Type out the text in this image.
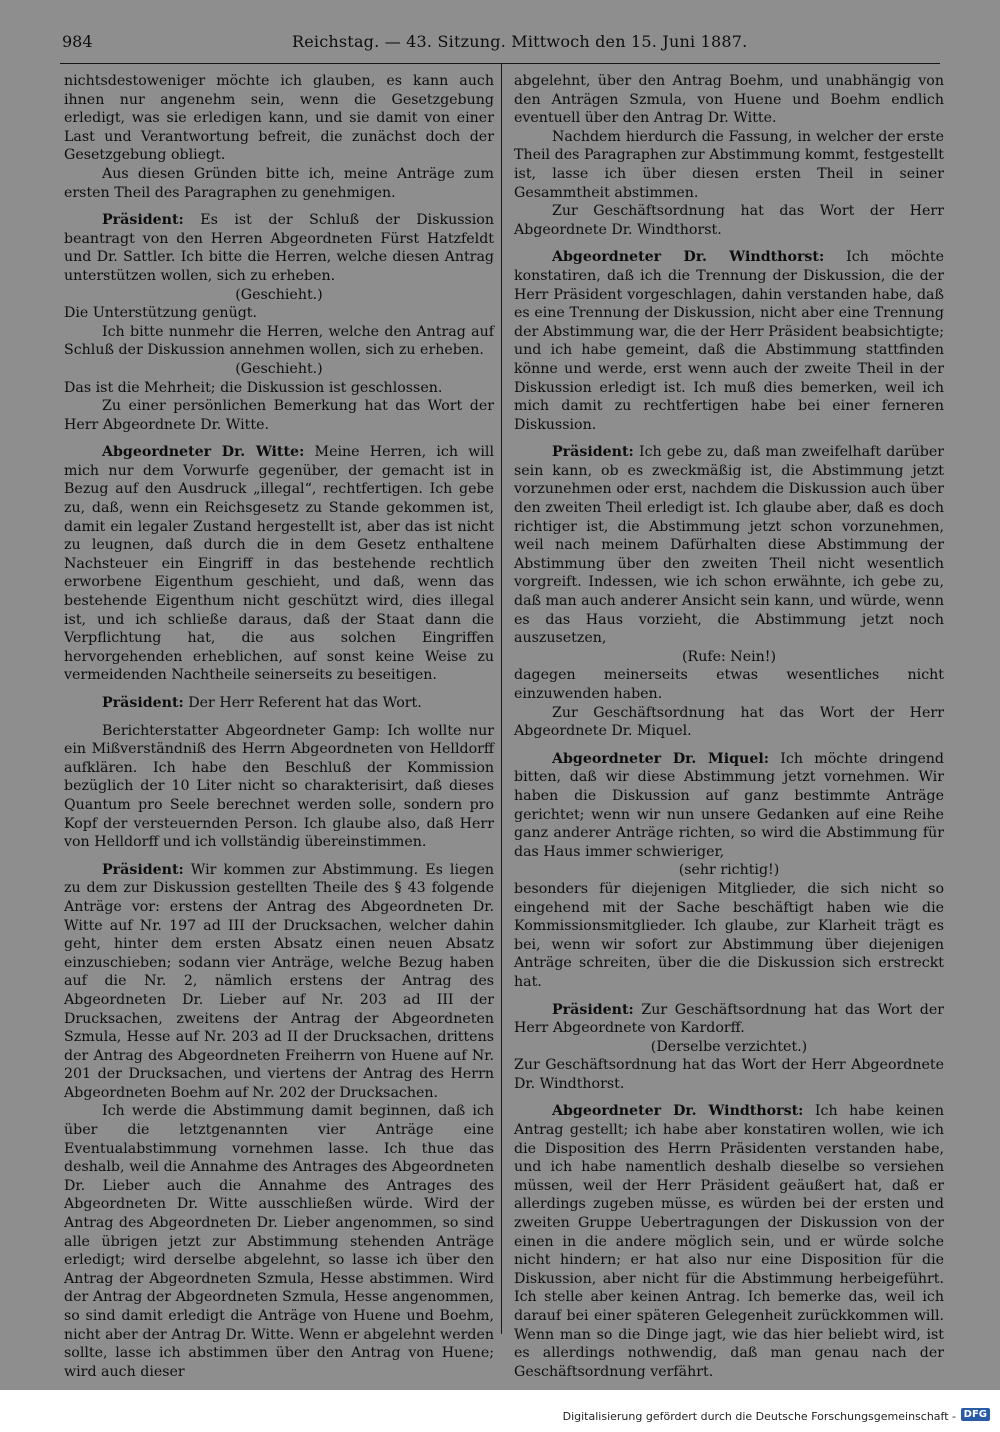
984	Reichstag. — 43. Sitzung. Mittwoch den 15. Juni 1887.

nichtsdestoweniger möchte ich glauben, es kann auch ihnen nur angenehm sein, wenn die Gesetzgebung erledigt, was sie erledigen kann, und sie damit von einer Last und Verantwortung befreit, die zunächst doch der Gesetzgebung obliegt.

Aus diesen Gründen bitte ich, meine Anträge zum ersten Theil des Paragraphen zu genehmigen.

Präsident: Es ist der Schluß der Diskussion beantragt von den Herren Abgeordneten Fürst Hatzfeldt und Dr. Sattler. Ich bitte die Herren, welche diesen Antrag unterstützen wollen, sich zu erheben.

(Geschieht.)

Die Unterstützung genügt.

Ich bitte nunmehr die Herren, welche den Antrag auf Schluß der Diskussion annehmen wollen, sich zu erheben.

(Geschieht.)

Das ist die Mehrheit; die Diskussion ist geschlossen.

Zu einer persönlichen Bemerkung hat das Wort der Herr Abgeordnete Dr. Witte.

Abgeordneter Dr. Witte: Meine Herren, ich will mich nur dem Vorwurfe gegenüber, der gemacht ist in Bezug auf den Ausdruck „illegal“, rechtfertigen. Ich gebe zu, daß, wenn ein Reichsgesetz zu Stande gekommen ist, damit ein legaler Zustand hergestellt ist, aber das ist nicht zu leugnen, daß durch die in dem Gesetz enthaltene Nachsteuer ein Eingriff in das bestehende rechtlich erworbene Eigenthum geschieht, und daß, wenn das bestehende Eigenthum nicht geschützt wird, dies illegal ist, und ich schließe daraus, daß der Staat dann die Verpflichtung hat, die aus solchen Eingriffen hervorgehenden erheblichen, auf sonst keine Weise zu vermeidenden Nachtheile seinerseits zu beseitigen.

Präsident: Der Herr Referent hat das Wort.

Berichterstatter Abgeordneter Gamp: Ich wollte nur ein Mißverständniß des Herrn Abgeordneten von Helldorff aufklären. Ich habe den Beschluß der Kommission bezüglich der 10 Liter nicht so charakterisirt, daß dieses Quantum pro Seele berechnet werden solle, sondern pro Kopf der versteuernden Person. Ich glaube also, daß Herr von Helldorff und ich vollständig übereinstimmen.

Präsident: Wir kommen zur Abstimmung. Es liegen zu dem zur Diskussion gestellten Theile des § 43 folgende Anträge vor: erstens der Antrag des Abgeordneten Dr. Witte auf Nr. 197 ad III der Drucksachen, welcher dahin geht, hinter dem ersten Absatz einen neuen Absatz einzuschieben; sodann vier Anträge, welche Bezug haben auf die Nr. 2, nämlich erstens der Antrag des Abgeordneten Dr. Lieber auf Nr. 203 ad III der Drucksachen, zweitens der Antrag der Abgeordneten Szmula, Hesse auf Nr. 203 ad II der Drucksachen, drittens der Antrag des Abgeordneten Freiherrn von Huene auf Nr. 201 der Drucksachen, und viertens der Antrag des Herrn Abgeordneten Boehm auf Nr. 202 der Drucksachen.

Ich werde die Abstimmung damit beginnen, daß ich über die letztgenannten vier Anträge eine Eventualabstimmung vornehmen lasse. Ich thue das deshalb, weil die Annahme des Antrages des Abgeordneten Dr. Lieber auch die Annahme des Antrages des Abgeordneten Dr. Witte ausschließen würde. Wird der Antrag des Abgeordneten Dr. Lieber angenommen, so sind alle übrigen jetzt zur Abstimmung stehenden Anträge erledigt; wird derselbe abgelehnt, so lasse ich über den Antrag der Abgeordneten Szmula, Hesse abstimmen. Wird der Antrag der Abgeordneten Szmula, Hesse angenommen, so sind damit erledigt die Anträge von Huene und Boehm, nicht aber der Antrag Dr. Witte. Wenn er abgelehnt werden sollte, lasse ich abstimmen über den Antrag von Huene; wird auch dieser

abgelehnt, über den Antrag Boehm, und unabhängig von den Anträgen Szmula, von Huene und Boehm endlich eventuell über den Antrag Dr. Witte.

Nachdem hierdurch die Fassung, in welcher der erste Theil des Paragraphen zur Abstimmung kommt, festgestellt ist, lasse ich über diesen ersten Theil in seiner Gesammtheit abstimmen.

Zur Geschäftsordnung hat das Wort der Herr Abgeordnete Dr. Windthorst.

Abgeordneter Dr. Windthorst: Ich möchte konstatiren, daß ich die Trennung der Diskussion, die der Herr Präsident vorgeschlagen, dahin verstanden habe, daß es eine Trennung der Diskussion, nicht aber eine Trennung der Abstimmung war, die der Herr Präsident beabsichtigte; und ich habe gemeint, daß die Abstimmung stattfinden könne und werde, erst wenn auch der zweite Theil in der Diskussion erledigt ist. Ich muß dies bemerken, weil ich mich damit zu rechtfertigen habe bei einer ferneren Diskussion.

Präsident: Ich gebe zu, daß man zweifelhaft darüber sein kann, ob es zweckmäßig ist, die Abstimmung jetzt vorzunehmen oder erst, nachdem die Diskussion auch über den zweiten Theil erledigt ist. Ich glaube aber, daß es doch richtiger ist, die Abstimmung jetzt schon vorzunehmen, weil nach meinem Dafürhalten diese Abstimmung der Abstimmung über den zweiten Theil nicht wesentlich vorgreift. Indessen, wie ich schon erwähnte, ich gebe zu, daß man auch anderer Ansicht sein kann, und würde, wenn es das Haus vorzieht, die Abstimmung jetzt noch auszusetzen,

(Rufe: Nein!)

dagegen meinerseits etwas wesentliches nicht einzuwenden haben.

Zur Geschäftsordnung hat das Wort der Herr Abgeordnete Dr. Miquel.

Abgeordneter Dr. Miquel: Ich möchte dringend bitten, daß wir diese Abstimmung jetzt vornehmen. Wir haben die Diskussion auf ganz bestimmte Anträge gerichtet; wenn wir nun unsere Gedanken auf eine Reihe ganz anderer Anträge richten, so wird die Abstimmung für das Haus immer schwieriger,

(sehr richtig!)

besonders für diejenigen Mitglieder, die sich nicht so eingehend mit der Sache beschäftigt haben wie die Kommissionsmitglieder. Ich glaube, zur Klarheit trägt es bei, wenn wir sofort zur Abstimmung über diejenigen Anträge schreiten, über die die Diskussion sich erstreckt hat.

Präsident: Zur Geschäftsordnung hat das Wort der Herr Abgeordnete von Kardorff.

(Derselbe verzichtet.)

Zur Geschäftsordnung hat das Wort der Herr Abgeordnete Dr. Windthorst.

Abgeordneter Dr. Windthorst: Ich habe keinen Antrag gestellt; ich habe aber konstatiren wollen, wie ich die Disposition des Herrn Präsidenten verstanden habe, und ich habe namentlich deshalb dieselbe so versiehen müssen, weil der Herr Präsident geäußert hat, daß er allerdings zugeben müsse, es würden bei der ersten und zweiten Gruppe Uebertragungen der Diskussion von der einen in die andere möglich sein, und er würde solche nicht hindern; er hat also nur eine Disposition für die Diskussion, aber nicht für die Abstimmung herbeigeführt. Ich stelle aber keinen Antrag. Ich bemerke das, weil ich darauf bei einer späteren Gelegenheit zurückkommen will. Wenn man so die Dinge jagt, wie das hier beliebt wird, ist es allerdings nothwendig, daß man genau nach der Geschäftsordnung verfährt.

Digitalisierung gefördert durch die Deutsche Forschungsgemeinschaft - DFG
